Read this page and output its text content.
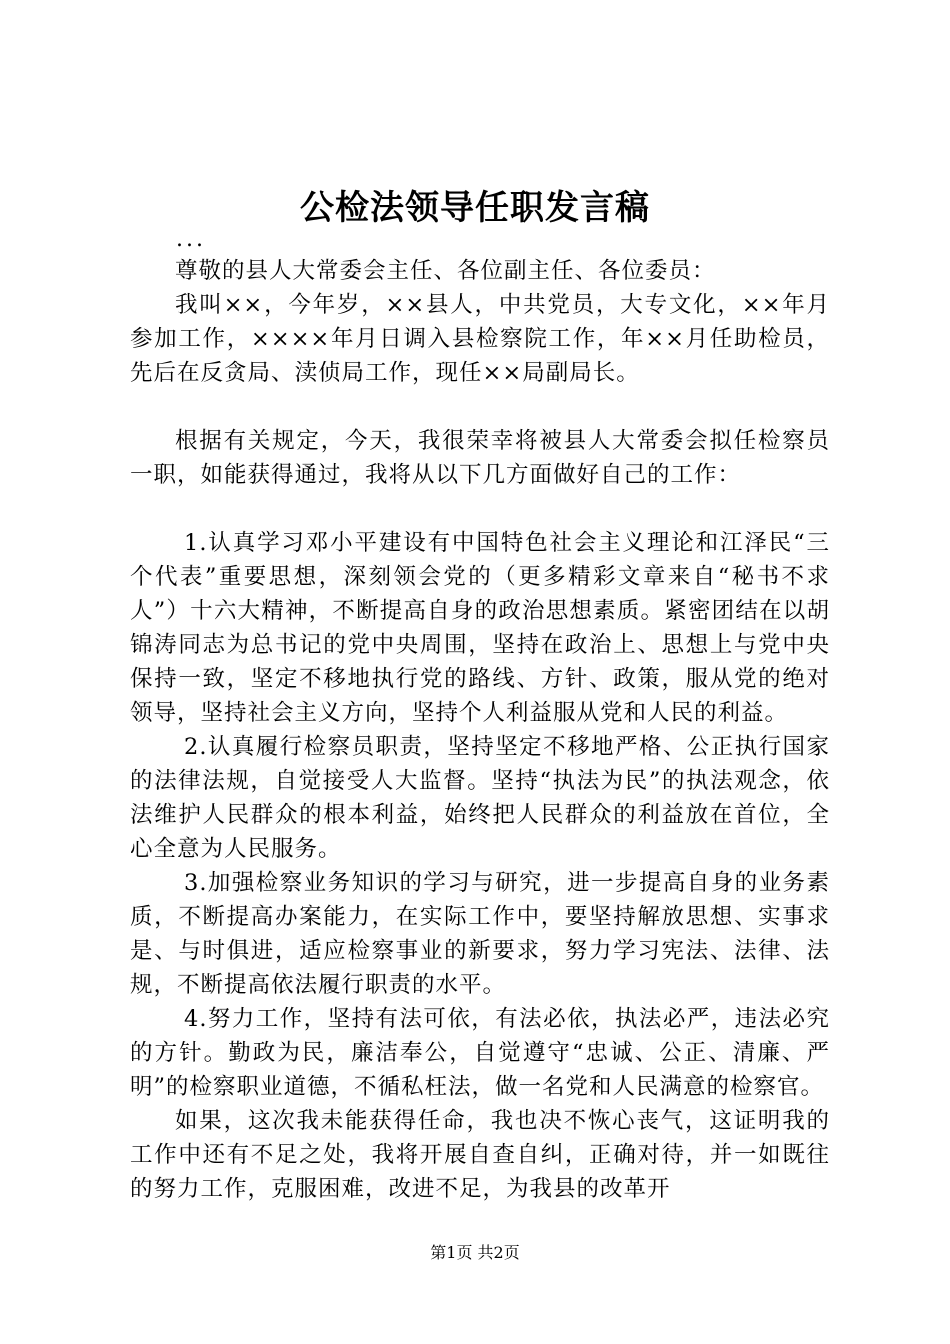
公检法领导任职发言稿
...

尊敬的县人大常委会主任、各位副主任、各位委员：

我叫××，今年岁，××县人，中共党员，大专文化，××年月参加工作，××××年月日调入县检察院工作，年××月任助检员，先后在反贪局、渎侦局工作，现任××局副局长。

根据有关规定，今天，我很荣幸将被县人大常委会拟任检察员一职，如能获得通过，我将从以下几方面做好自己的工作：

1.认真学习邓小平建设有中国特色社会主义理论和江泽民“三个代表”重要思想，深刻领会党的（更多精彩文章来自“秘书不求人”）十六大精神，不断提高自身的政治思想素质。紧密团结在以胡锦涛同志为总书记的党中央周围，坚持在政治上、思想上与党中央保持一致，坚定不移地执行党的路线、方针、政策，服从党的绝对领导，坚持社会主义方向，坚持个人利益服从党和人民的利益。

2.认真履行检察员职责，坚持坚定不移地严格、公正执行国家的法律法规，自觉接受人大监督。坚持“执法为民”的执法观念，依法维护人民群众的根本利益，始终把人民群众的利益放在首位，全心全意为人民服务。

3.加强检察业务知识的学习与研究，进一步提高自身的业务素质，不断提高办案能力，在实际工作中，要坚持解放思想、实事求是、与时俱进，适应检察事业的新要求，努力学习宪法、法律、法规，不断提高依法履行职责的水平。

4.努力工作，坚持有法可依，有法必依，执法必严，违法必究的方针。勤政为民，廉洁奉公，自觉遵守“忠诚、公正、清廉、严明”的检察职业道德，不循私枉法，做一名党和人民满意的检察官。

如果，这次我未能获得任命，我也决不恢心丧气，这证明我的工作中还有不足之处，我将开展自查自纠，正确对待，并一如既往的努力工作，克服困难，改进不足，为我县的改革开

第1页 共2页
